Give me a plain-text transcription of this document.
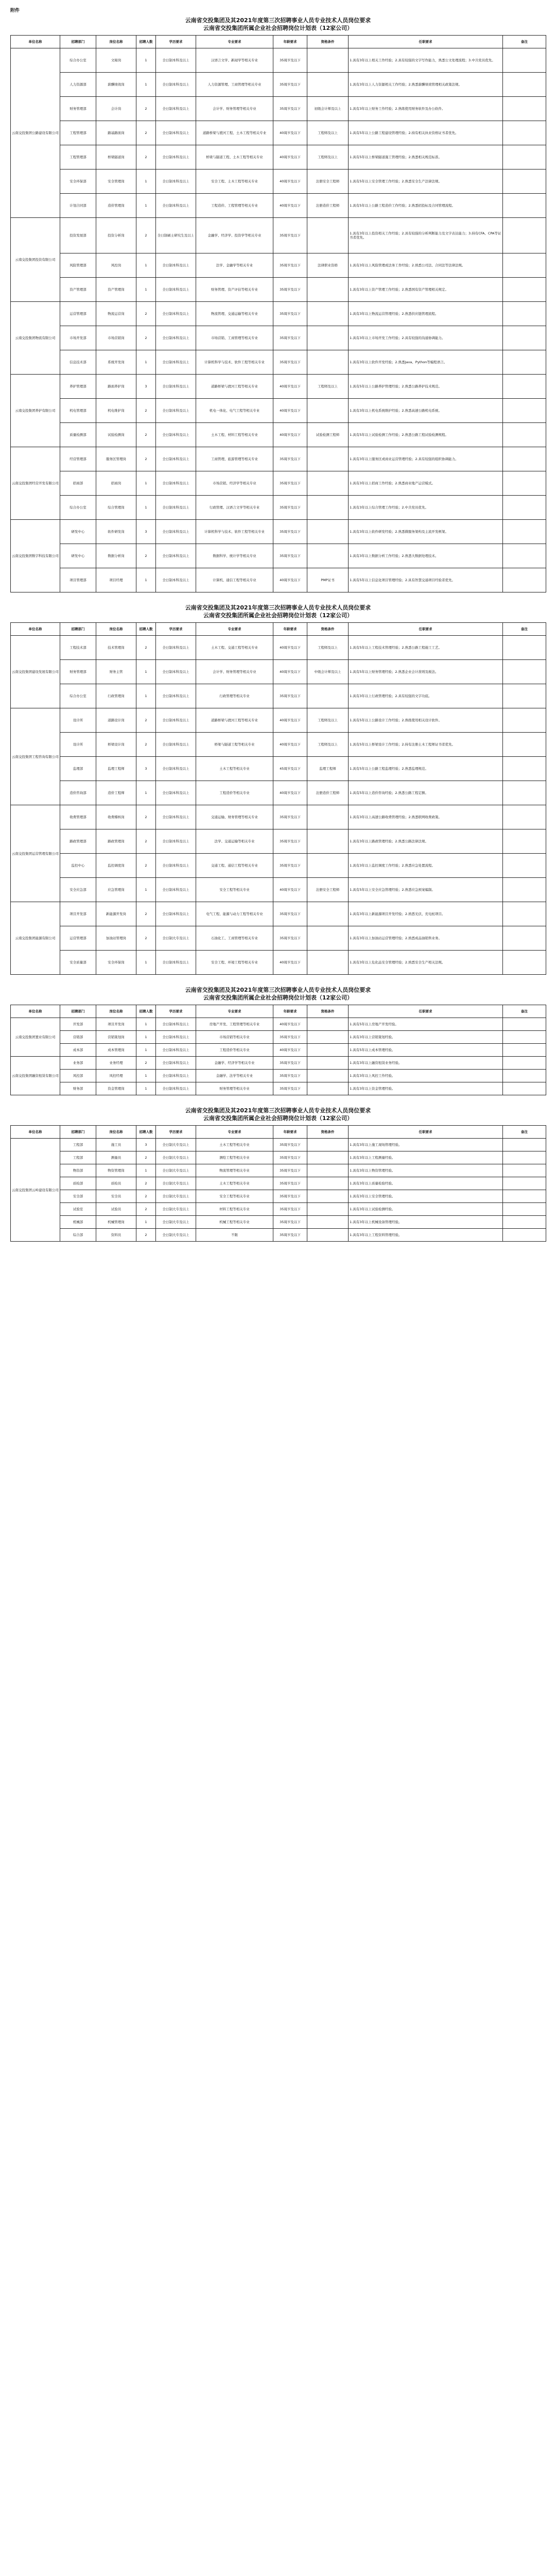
附件
云南省交投集团及其2021年度第三次招聘事业人员专业技术人员岗位要求
云南省交投集团所属企业社会招聘岗位计划表（12家公司）
单位名称	招聘部门	岗位名称	招聘人数	学历要求	专业要求	年龄要求	资格条件	任职要求	备注
云南交投集团公路建设有限公司	综合办公室	文秘岗	1	全日制本科及以上	汉语言文学、新闻学等相关专业	35周岁及以下		1.具有3年以上相关工作经验；2.具有较强的文字写作能力，熟悉公文处理流程；3.中共党员优先。	
	人力资源部	薪酬绩效岗	1	全日制本科及以上	人力资源管理、工商管理等相关专业	35周岁及以下		1.具有3年以上人力资源相关工作经验；2.熟悉薪酬绩效管理相关政策法规。	
	财务管理部	会计岗	2	全日制本科及以上	会计学、财务管理等相关专业	35周岁及以下	初级会计师及以上	1.具有3年以上财务工作经验；2.熟练使用财务软件及办公软件。	
	工程管理部	路基路面岗	2	全日制本科及以上	道路桥梁与渡河工程、土木工程等相关专业	40周岁及以下	工程师及以上	1.具有5年以上公路工程建设管理经验；2.持有相关执业资格证书者优先。	
	工程管理部	桥梁隧道岗	2	全日制本科及以上	桥梁与隧道工程、土木工程等相关专业	40周岁及以下	工程师及以上	1.具有5年以上桥梁隧道施工管理经验；2.熟悉相关规范标准。	
	安全环保部	安全管理岗	1	全日制本科及以上	安全工程、土木工程等相关专业	40周岁及以下	注册安全工程师	1.具有5年以上安全管理工作经验；2.熟悉安全生产法律法规。	
	计划合同部	造价管理岗	1	全日制本科及以上	工程造价、工程管理等相关专业	40周岁及以下	注册造价工程师	1.具有5年以上公路工程造价工作经验；2.熟悉招投标及合同管理流程。	
云南交投集团投资有限公司	投资发展部	投资分析岗	2	全日制硕士研究生及以上	金融学、经济学、投资学等相关专业	35周岁及以下		1.具有3年以上投资相关工作经验；2.具有较强的分析判断能力及文字表达能力；3.持有CFA、CPA等证书者优先。	
	风险管理部	风控岗	1	全日制本科及以上	法学、金融学等相关专业	35周岁及以下	法律职业资格	1.具有3年以上风险管理或法务工作经验；2.熟悉公司法、合同法等法律法规。	
	资产管理部	资产管理岗	1	全日制本科及以上	财务管理、资产评估等相关专业	35周岁及以下		1.具有3年以上资产管理工作经验；2.熟悉国有资产管理相关规定。	
云南交投集团物流有限公司	运营管理部	物流运营岗	2	全日制本科及以上	物流管理、交通运输等相关专业	35周岁及以下		1.具有3年以上物流运营管理经验；2.熟悉供应链管理流程。	
	市场开发部	市场营销岗	2	全日制本科及以上	市场营销、工商管理等相关专业	35周岁及以下		1.具有3年以上市场开发工作经验；2.具有较强的沟通协调能力。	
	信息技术部	系统开发岗	1	全日制本科及以上	计算机科学与技术、软件工程等相关专业	35周岁及以下		1.具有3年以上软件开发经验；2.熟悉Java、Python等编程语言。	
云南交投集团养护有限公司	养护管理部	路面养护岗	3	全日制本科及以上	道路桥梁与渡河工程等相关专业	40周岁及以下	工程师及以上	1.具有5年以上公路养护管理经验；2.熟悉公路养护技术规范。	
	机电管理部	机电维护岗	2	全日制本科及以上	机电一体化、电气工程等相关专业	40周岁及以下		1.具有3年以上机电系统维护经验；2.熟悉高速公路机电系统。	
	质量检测部	试验检测岗	2	全日制本科及以上	土木工程、材料工程等相关专业	40周岁及以下	试验检测工程师	1.具有5年以上试验检测工作经验；2.熟悉公路工程试验检测规程。	
云南交投集团经营开发有限公司	经营管理部	服务区管理岗	2	全日制本科及以上	工商管理、旅游管理等相关专业	35周岁及以下		1.具有3年以上服务区或商业运营管理经验；2.具有较强的组织协调能力。	
	招商部	招商岗	1	全日制本科及以上	市场营销、经济学等相关专业	35周岁及以下		1.具有3年以上招商工作经验；2.熟悉商业地产运营模式。	
	综合办公室	综合管理岗	1	全日制本科及以上	行政管理、汉语言文学等相关专业	35周岁及以下		1.具有3年以上综合管理工作经验；2.中共党员优先。	
云南交投集团数字科技有限公司	研发中心	软件研发岗	3	全日制本科及以上	计算机科学与技术、软件工程等相关专业	35周岁及以下		1.具有3年以上软件研发经验；2.熟悉微服务架构及主流开发框架。	
	研发中心	数据分析岗	2	全日制本科及以上	数据科学、统计学等相关专业	35周岁及以下		1.具有3年以上数据分析工作经验；2.熟悉大数据处理技术。	
	项目管理部	项目经理	1	全日制本科及以上	计算机、通信工程等相关专业	40周岁及以下	PMP证书	1.具有5年以上信息化项目管理经验；2.具有智慧交通项目经验者优先。	
云南省交投集团及其2021年度第三次招聘事业人员专业技术人员岗位要求
云南省交投集团所属企业社会招聘岗位计划表（12家公司）
单位名称	招聘部门	岗位名称	招聘人数	学历要求	专业要求	年龄要求	资格条件	任职要求	备注
云南交投集团建设发展有限公司	工程技术部	技术管理岗	2	全日制本科及以上	土木工程、交通工程等相关专业	40周岁及以下	工程师及以上	1.具有5年以上工程技术管理经验；2.熟悉公路工程施工工艺。	
	财务管理部	财务主管	1	全日制本科及以上	会计学、财务管理等相关专业	40周岁及以下	中级会计师及以上	1.具有5年以上财务管理经验；2.熟悉企业会计准则及税法。	
	综合办公室	行政管理岗	1	全日制本科及以上	行政管理等相关专业	35周岁及以下		1.具有3年以上行政管理经验；2.具有较强的文字功底。	
云南交投集团工程咨询有限公司	设计所	道路设计岗	2	全日制本科及以上	道路桥梁与渡河工程等相关专业	40周岁及以下	工程师及以上	1.具有5年以上公路设计工作经验；2.熟练使用相关设计软件。	
	设计所	桥梁设计岗	2	全日制本科及以上	桥梁与隧道工程等相关专业	40周岁及以下	工程师及以上	1.具有5年以上桥梁设计工作经验；2.持有注册土木工程师证书者优先。	
	监理部	监理工程师	3	全日制本科及以上	土木工程等相关专业	45周岁及以下	监理工程师	1.具有5年以上公路工程监理经验；2.熟悉监理规范。	
	造价咨询部	造价工程师	1	全日制本科及以上	工程造价等相关专业	40周岁及以下	注册造价工程师	1.具有5年以上造价咨询经验；2.熟悉公路工程定额。	
云南交投集团运营管理有限公司	收费管理部	收费稽核岗	2	全日制本科及以上	交通运输、财务管理等相关专业	35周岁及以下		1.具有3年以上高速公路收费管理经验；2.熟悉联网收费政策。	
	路政管理部	路政管理岗	2	全日制本科及以上	法学、交通运输等相关专业	35周岁及以下		1.具有3年以上路政管理经验；2.熟悉公路法律法规。	
	监控中心	监控调度岗	2	全日制本科及以上	交通工程、通信工程等相关专业	35周岁及以下		1.具有3年以上监控调度工作经验；2.熟悉应急处置流程。	
	安全应急部	应急管理岗	1	全日制本科及以上	安全工程等相关专业	40周岁及以下	注册安全工程师	1.具有5年以上安全应急管理经验；2.熟悉应急预案编制。	
云南交投集团能源有限公司	项目开发部	新能源开发岗	2	全日制本科及以上	电气工程、能源与动力工程等相关专业	35周岁及以下		1.具有3年以上新能源项目开发经验；2.熟悉光伏、充电桩项目。	
	运营管理部	加油站管理岗	2	全日制大专及以上	石油化工、工商管理等相关专业	35周岁及以下		1.具有3年以上加油站运营管理经验；2.熟悉成品油销售业务。	
	安全质量部	安全环保岗	1	全日制本科及以上	安全工程、环境工程等相关专业	40周岁及以下		1.具有3年以上危化品安全管理经验；2.熟悉安全生产相关法规。	
云南省交投集团及其2021年度第三次招聘事业人员专业技术人员岗位要求
云南省交投集团所属企业社会招聘岗位计划表（12家公司）
单位名称	招聘部门	岗位名称	招聘人数	学历要求	专业要求	年龄要求	资格条件	任职要求	备注
云南交投集团置业有限公司	开发部	项目开发岗	1	全日制本科及以上	房地产开发、工程管理等相关专业	40周岁及以下		1.具有5年以上房地产开发经验。	
	营销部	营销策划岗	1	全日制本科及以上	市场营销等相关专业	35周岁及以下		1.具有3年以上营销策划经验。	
	成本部	成本管理岗	1	全日制本科及以上	工程造价等相关专业	40周岁及以下		1.具有5年以上成本管理经验。	
云南交投集团融资租赁有限公司	业务部	业务经理	2	全日制本科及以上	金融学、经济学等相关专业	35周岁及以下		1.具有3年以上融资租赁业务经验。	
	风控部	风控经理	1	全日制本科及以上	金融学、法学等相关专业	35周岁及以下		1.具有3年以上风控工作经验。	
	财务部	资金管理岗	1	全日制本科及以上	财务管理等相关专业	35周岁及以下		1.具有3年以上资金管理经验。	
云南省交投集团及其2021年度第三次招聘事业人员专业技术人员岗位要求
云南省交投集团所属企业社会招聘岗位计划表（12家公司）
单位名称	招聘部门	岗位名称	招聘人数	学历要求	专业要求	年龄要求	资格条件	任职要求	备注
云南交投集团云岭建设有限公司	工程部	施工员	3	全日制大专及以上	土木工程等相关专业	35周岁及以下		1.具有3年以上施工现场管理经验。	
	工程部	测量员	2	全日制大专及以上	测绘工程等相关专业	35周岁及以下		1.具有3年以上工程测量经验。	
	物资部	物资管理岗	1	全日制大专及以上	物流管理等相关专业	35周岁及以下		1.具有3年以上物资管理经验。	
	质检部	质检员	2	全日制大专及以上	土木工程等相关专业	35周岁及以下		1.具有3年以上质量检验经验。	
	安全部	安全员	2	全日制大专及以上	安全工程等相关专业	35周岁及以下		1.具有3年以上安全管理经验。	
	试验室	试验员	2	全日制大专及以上	材料工程等相关专业	35周岁及以下		1.具有3年以上试验检测经验。	
	机械部	机械管理岗	1	全日制大专及以上	机械工程等相关专业	35周岁及以下		1.具有3年以上机械设备管理经验。	
	综合部	资料员	2	全日制大专及以上	不限	35周岁及以下		1.具有3年以上工程资料管理经验。	
